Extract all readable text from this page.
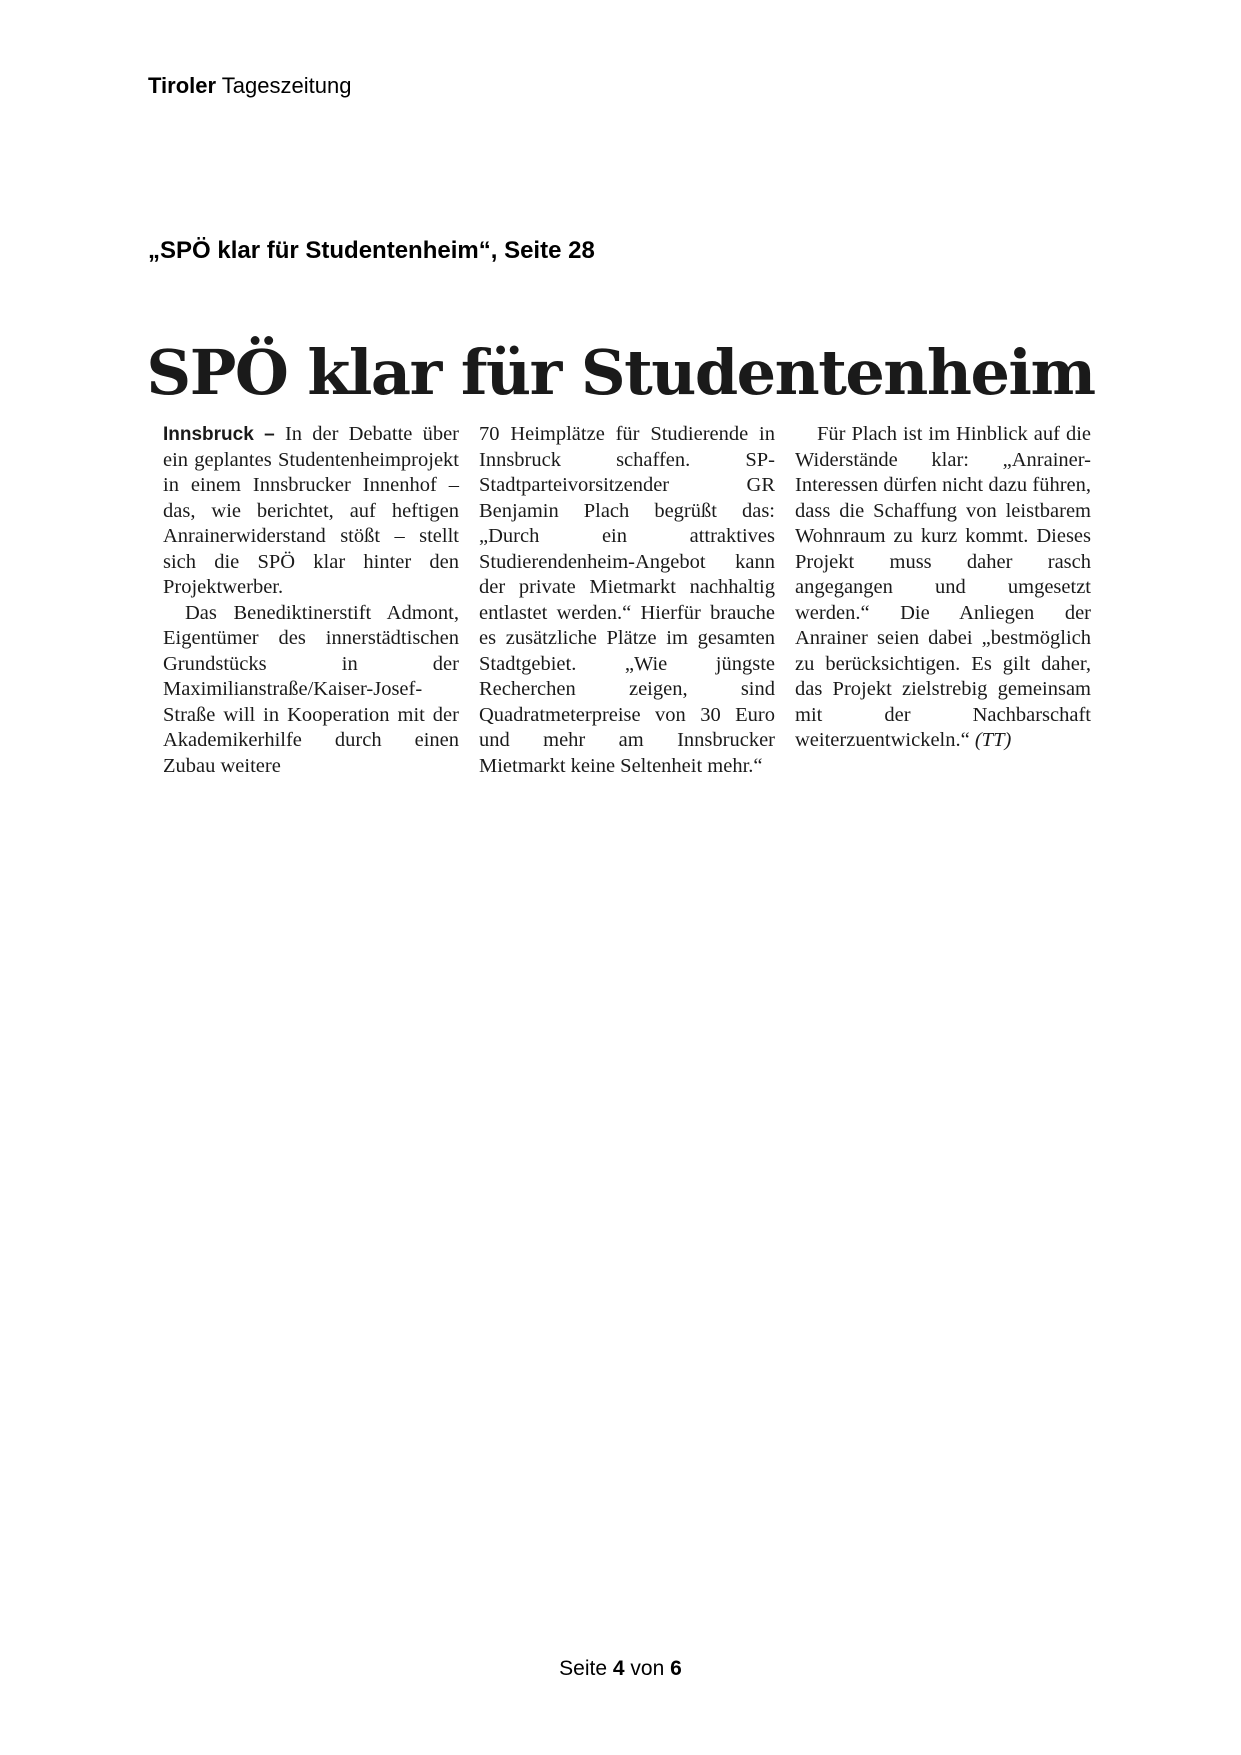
Tiroler Tageszeitung
„SPÖ klar für Studentenheim“, Seite 28
SPÖ klar für Studentenheim

Innsbruck – In der Debatte über ein geplantes Studentenheimprojekt in einem Innsbrucker Innenhof – das, wie berichtet, auf heftigen Anrainerwiderstand stößt – stellt sich die SPÖ klar hinter den Projektwerber.

Das Benediktinerstift Admont, Eigentümer des innerstädtischen Grundstücks in der Maximilianstraße/Kaiser-Josef-Straße will in Kooperation mit der Akademikerhilfe durch einen Zubau weitere

70 Heimplätze für Studierende in Innsbruck schaffen. SP-Stadtparteivorsitzender GR Benjamin Plach begrüßt das: „Durch ein attraktives Studierendenheim-Angebot kann der private Mietmarkt nachhaltig entlastet werden.“ Hierfür brauche es zusätzliche Plätze im gesamten Stadtgebiet. „Wie jüngste Recherchen zeigen, sind Quadratmeterpreise von 30 Euro und mehr am Innsbrucker Mietmarkt keine Seltenheit mehr.“

Für Plach ist im Hinblick auf die Widerstände klar: „Anrainer-Interessen dürfen nicht dazu führen, dass die Schaffung von leistbarem Wohnraum zu kurz kommt. Dieses Projekt muss daher rasch angegangen und umgesetzt werden.“ Die Anliegen der Anrainer seien dabei „bestmöglich zu berücksichtigen. Es gilt daher, das Projekt zielstrebig gemeinsam mit der Nachbarschaft weiterzuentwickeln.“ (TT)

Seite 4 von 6
